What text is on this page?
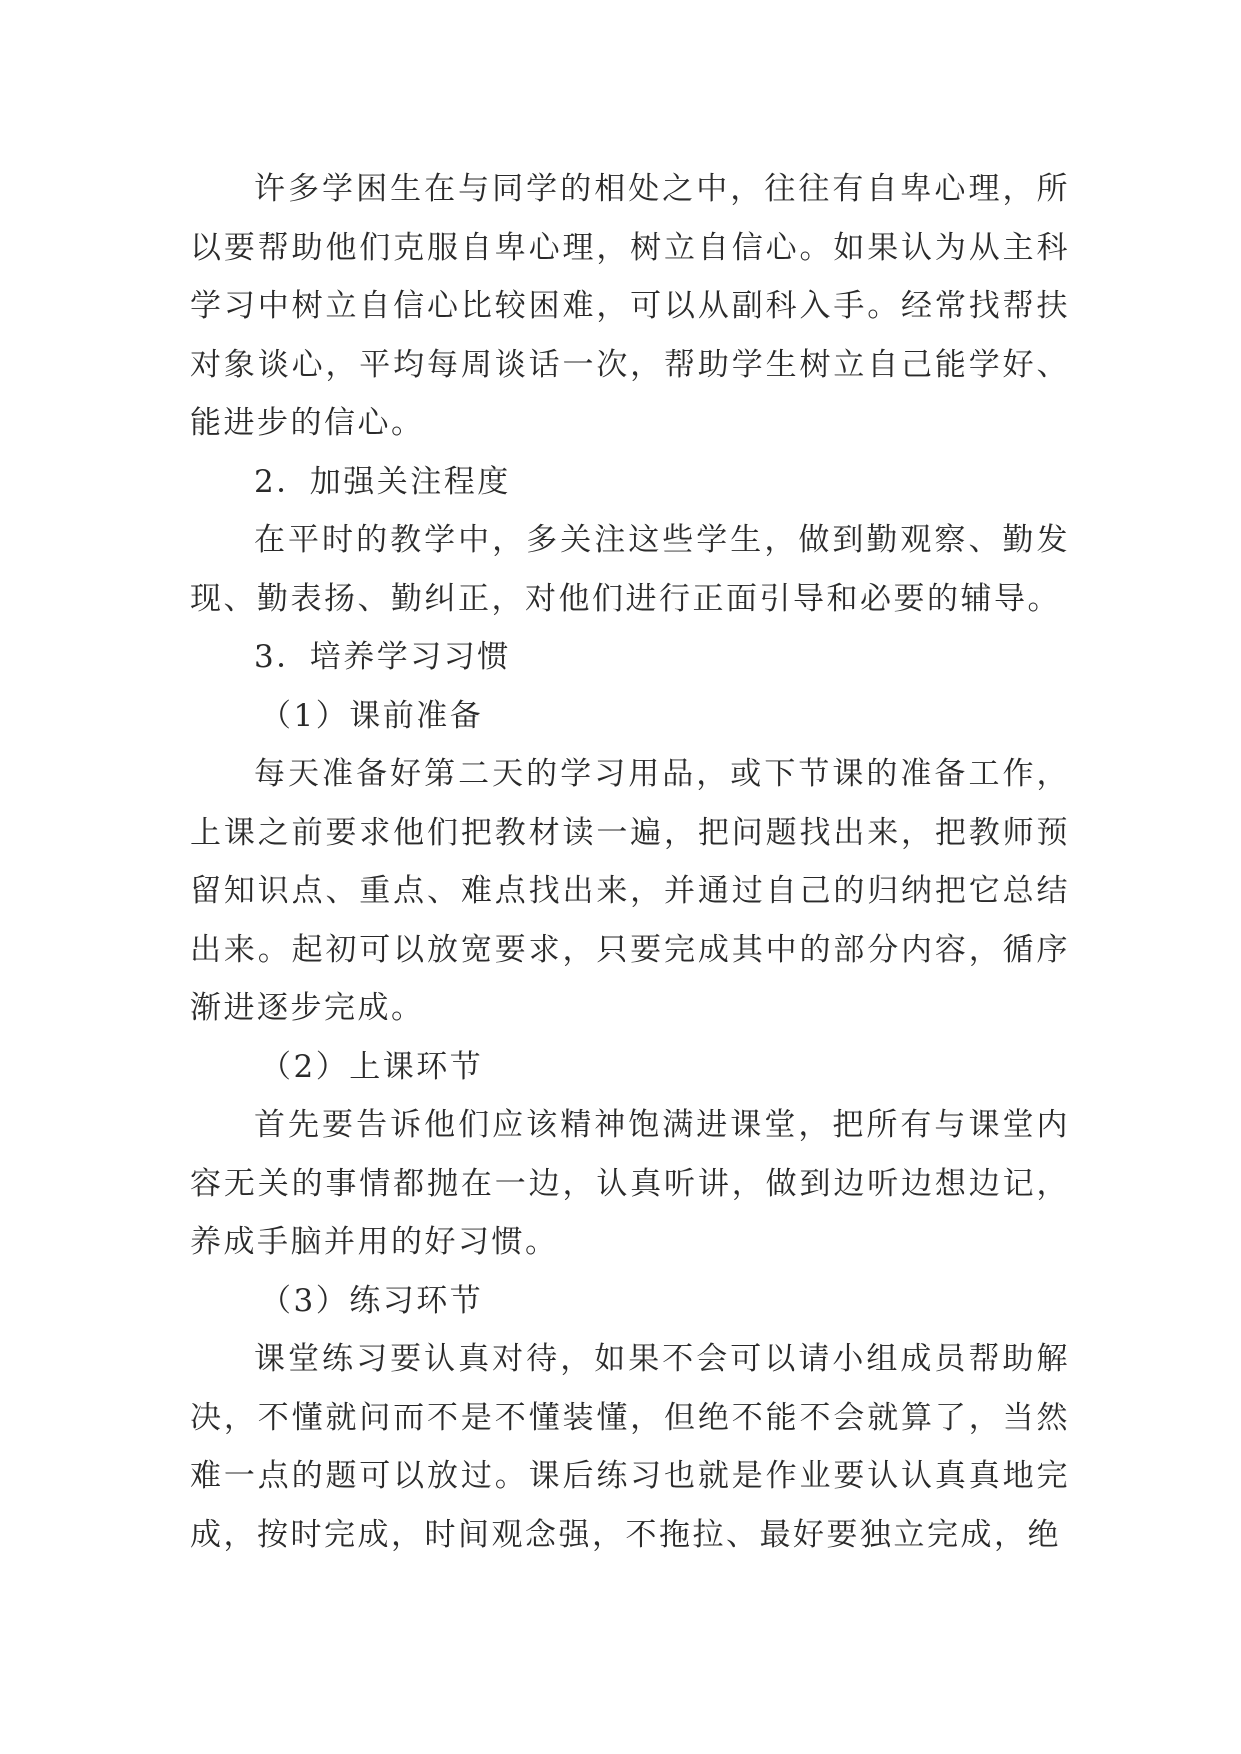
许多学困生在与同学的相处之中，往往有自卑心理，所以要帮助他们克服自卑心理，树立自信心。如果认为从主科学习中树立自信心比较困难，可以从副科入手。经常找帮扶对象谈心，平均每周谈话一次，帮助学生树立自己能学好、能进步的信心。

2．加强关注程度

在平时的教学中，多关注这些学生，做到勤观察、勤发现、勤表扬、勤纠正，对他们进行正面引导和必要的辅导。

3．培养学习习惯

（1）课前准备

每天准备好第二天的学习用品，或下节课的准备工作，上课之前要求他们把教材读一遍，把问题找出来，把教师预留知识点、重点、难点找出来，并通过自己的归纳把它总结出来。起初可以放宽要求，只要完成其中的部分内容，循序渐进逐步完成。

（2）上课环节

首先要告诉他们应该精神饱满进课堂，把所有与课堂内容无关的事情都抛在一边，认真听讲，做到边听边想边记，养成手脑并用的好习惯。

（3）练习环节

课堂练习要认真对待，如果不会可以请小组成员帮助解决，不懂就问而不是不懂装懂，但绝不能不会就算了，当然难一点的题可以放过。课后练习也就是作业要认认真真地完成，按时完成，时间观念强，不拖拉、最好要独立完成，绝
